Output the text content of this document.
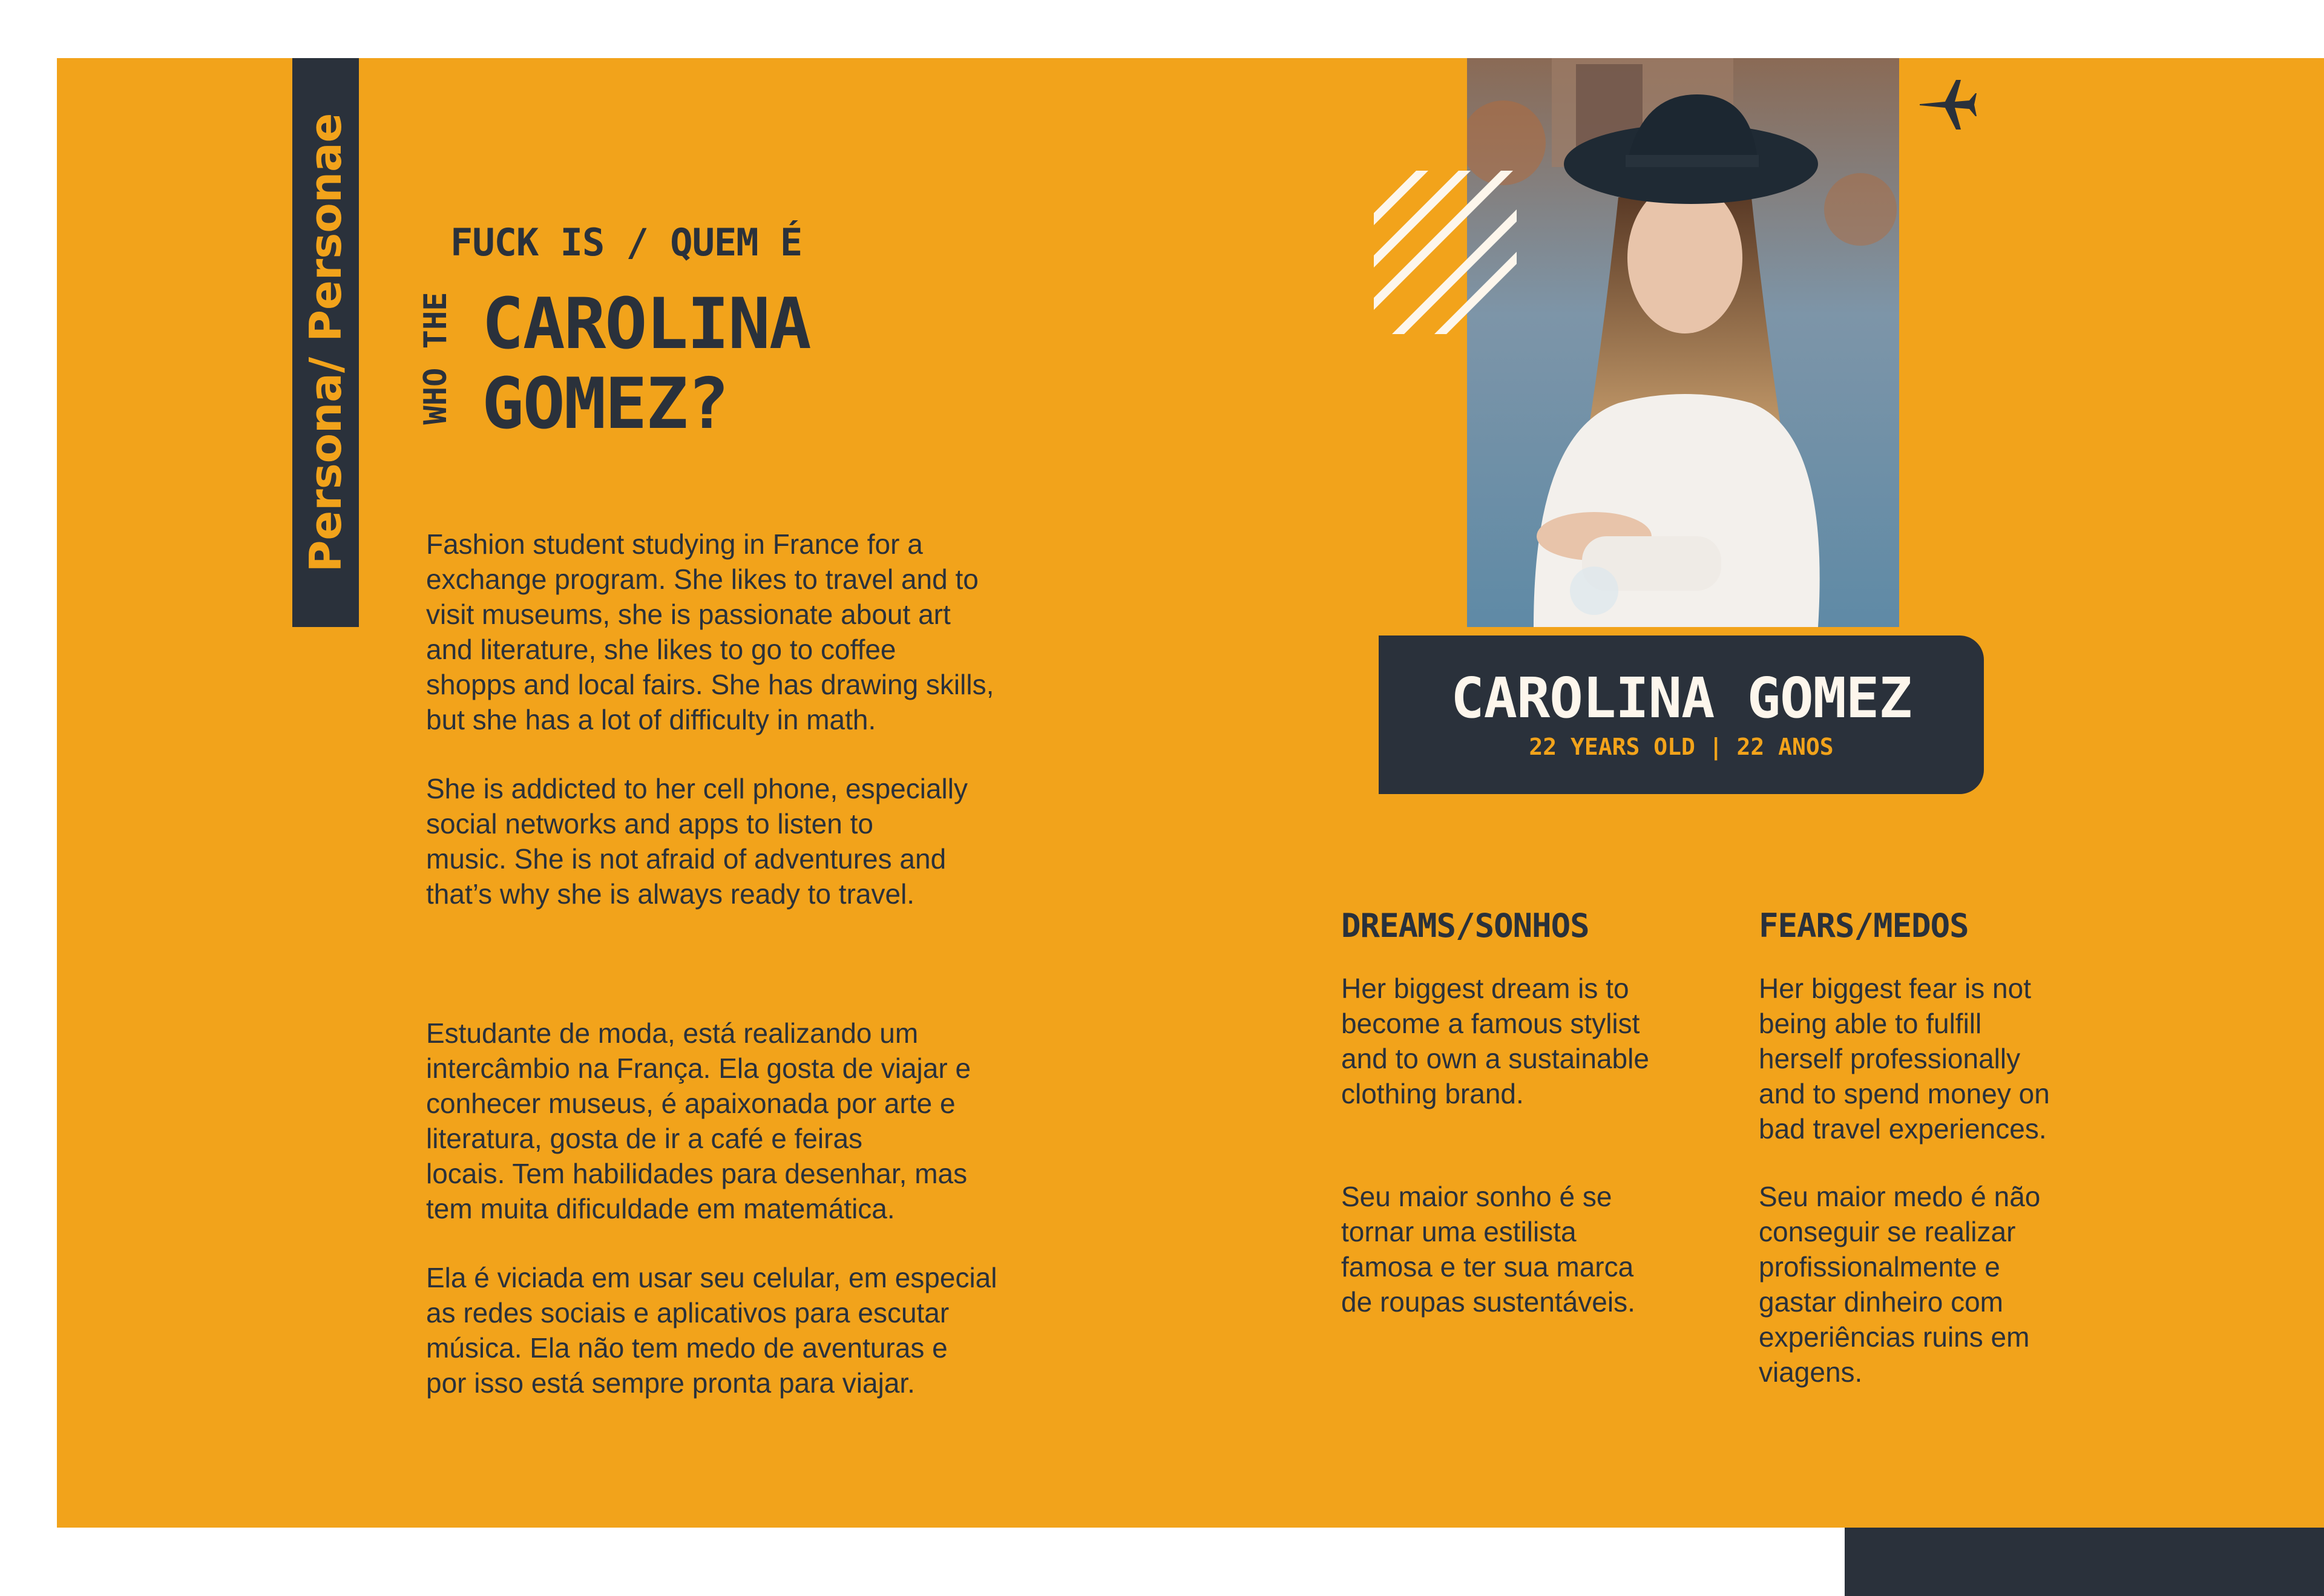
Persona/ Personae WHO THE
FUCK IS / QUEM É
CAROLINA
GOMEZ?
Fashion student studying in France for a
exchange program. She likes to travel and to
visit museums, she is passionate about art
and literature, she likes to go to coffee
shopps and local fairs. She has drawing skills,
but she has a lot of difficulty in math.
She is addicted to her cell phone, especially
social networks and apps to listen to
music. She is not afraid of adventures and
that’s why she is always ready to travel.
Estudante de moda, está realizando um
intercâmbio na França. Ela gosta de viajar e
conhecer museus, é apaixonada por arte e
literatura, gosta de ir a café e feiras
locais. Tem habilidades para desenhar, mas
tem muita dificuldade em matemática.
Ela é viciada em usar seu celular, em especial
as redes sociais e aplicativos para escutar
música. Ela não tem medo de aventuras e
por isso está sempre pronta para viajar.
CAROLINA GOMEZ
22 YEARS OLD | 22 ANOS
DREAMS/SONHOS
Her biggest dream is to
become a famous stylist
and to own a sustainable
clothing brand.
Seu maior sonho é se
tornar uma estilista
famosa e ter sua marca
de roupas sustentáveis.
FEARS/MEDOS
Her biggest fear is not
being able to fulfill
herself professionally
and to spend money on
bad travel experiences.
Seu maior medo é não
conseguir se realizar
profissionalmente e
gastar dinheiro com
experiências ruins em
viagens.
